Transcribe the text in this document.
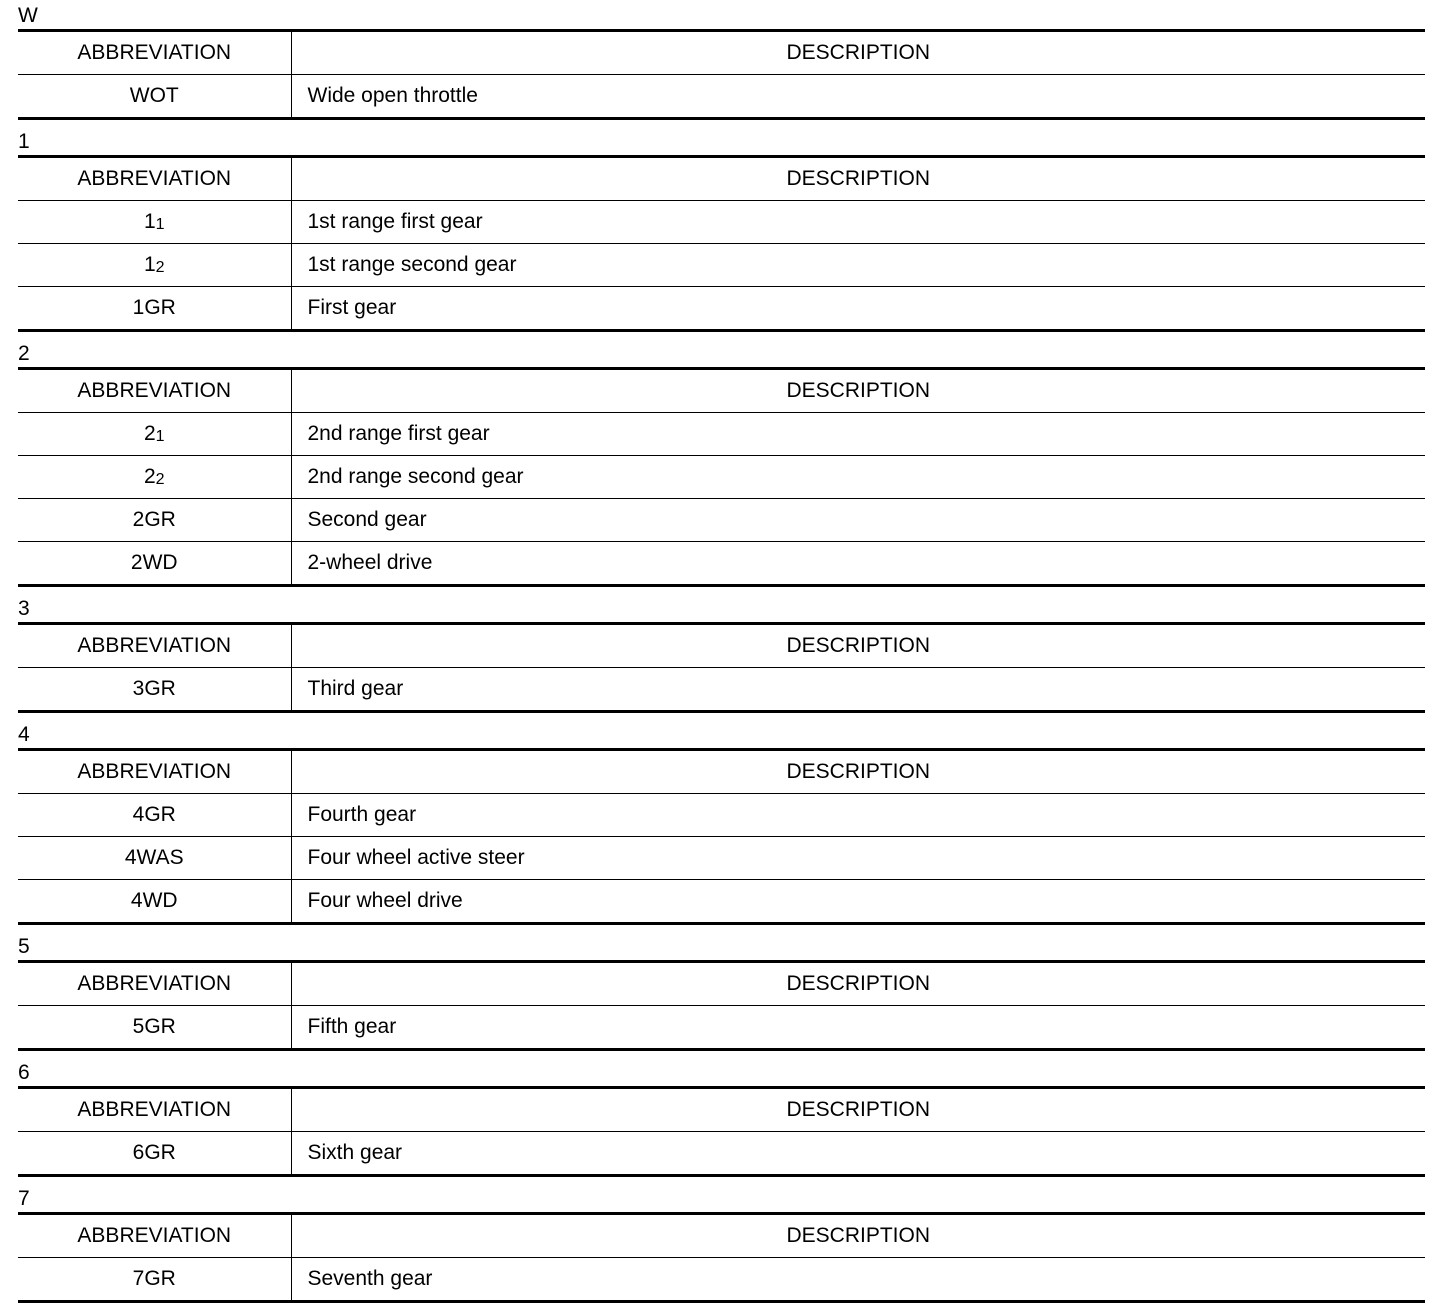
W
ABBREVIATION	DESCRIPTION
WOT	Wide open throttle
1
ABBREVIATION	DESCRIPTION
$1_1$	1st range first gear
$1_2$	1st range second gear
1GR	First gear
2
ABBREVIATION	DESCRIPTION
$2_1$	2nd range first gear
$2_2$	2nd range second gear
2GR	Second gear
2WD	2-wheel drive
3
ABBREVIATION	DESCRIPTION
3GR	Third gear
4
ABBREVIATION	DESCRIPTION
4GR	Fourth gear
4WAS	Four wheel active steer
4WD	Four wheel drive
5
ABBREVIATION	DESCRIPTION
5GR	Fifth gear
6
ABBREVIATION	DESCRIPTION
6GR	Sixth gear
7
ABBREVIATION	DESCRIPTION
7GR	Seventh gear
